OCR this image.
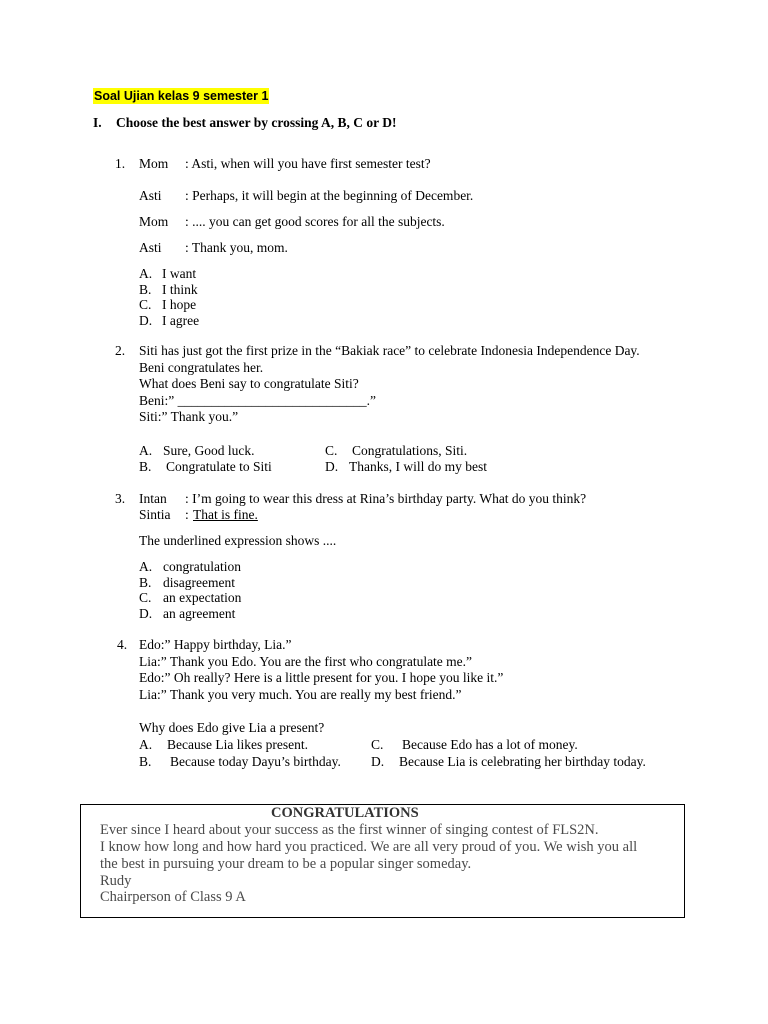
Soal Ujian kelas 9 semester 1
I. Choose the best answer by crossing A, B, C or D!
1. Mom : Asti, when will you have first semester test?
Asti : Perhaps, it will begin at the beginning of December.
Mom : .... you can get good scores for all the subjects.
Asti : Thank you, mom.
A. I want
B. I think
C. I hope
D. I agree
2. Siti has just got the first prize in the “Bakiak race” to celebrate Indonesia Independence Day.
Beni congratulates her.
What does Beni say to congratulate Siti?
Beni:” ____________________________.”
Siti:” Thank you.”
A. Sure, Good luck.
B. Congratulate to Siti
C. Congratulations, Siti.
D. Thanks, I will do my best
3. Intan : I’m going to wear this dress at Rina’s birthday party. What do you think?
Sintia : That is fine.
The underlined expression shows ....
A. congratulation
B. disagreement
C. an expectation
D. an agreement
4. Edo:” Happy birthday, Lia.”
Lia:” Thank you Edo. You are the first who congratulate me.”
Edo:” Oh really? Here is a little present for you. I hope you like it.”
Lia:” Thank you very much. You are really my best friend.”
Why does Edo give Lia a present?
A. Because Lia likes present.
B. Because today Dayu’s birthday.
C. Because Edo has a lot of money.
D. Because Lia is celebrating her birthday today.
CONGRATULATIONS
Ever since I heard about your success as the first winner of singing contest of FLS2N.
I know how long and how hard you practiced. We are all very proud of you. We wish you all
the best in pursuing your dream to be a popular singer someday.
Rudy
Chairperson of Class 9 A
